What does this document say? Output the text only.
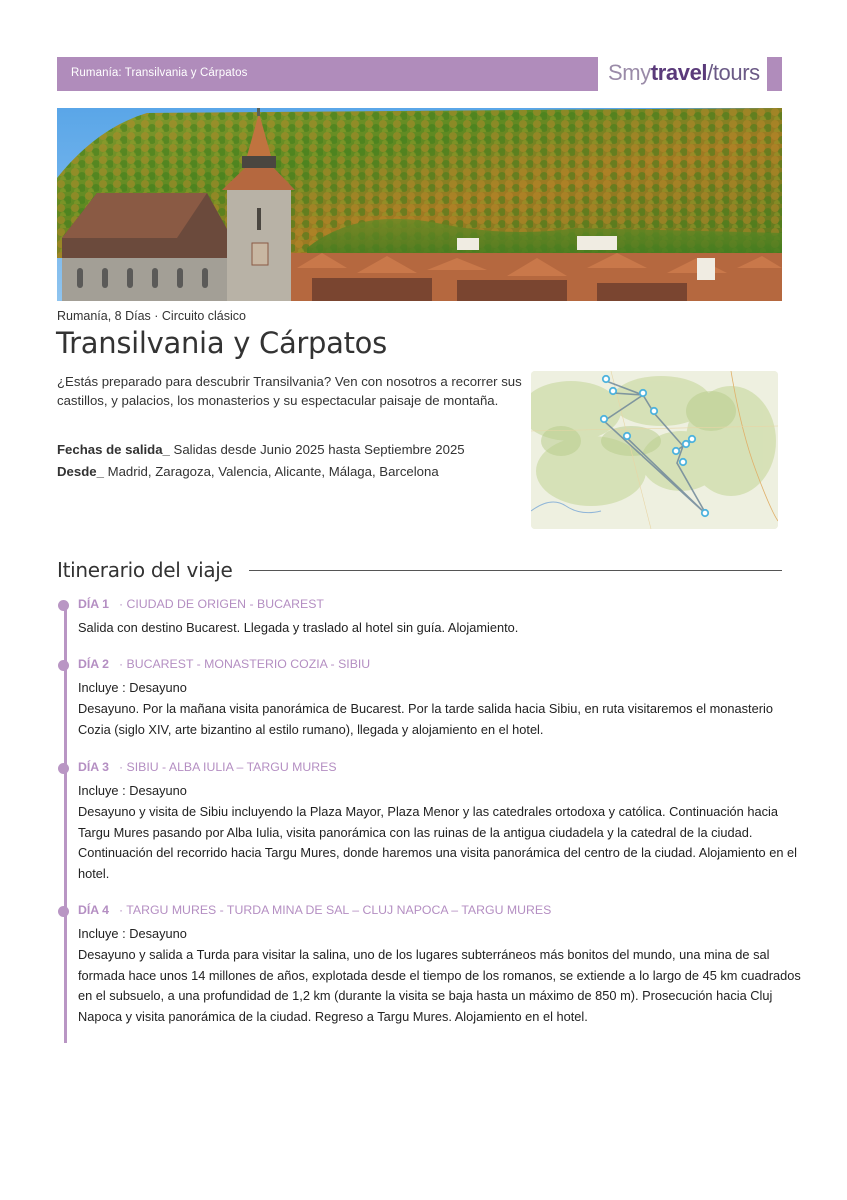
Rumanía: Transilvania y Cárpatos	Smytravel/tours
Rumanía, 8 Días · Circuito clásico
Transilvania y Cárpatos

¿Estás preparado para descubrir Transilvania? Ven con nosotros a recorrer sus castillos, y palacios, los monasterios y su espectacular paisaje de montaña.

Fechas de salida_ Salidas desde Junio 2025 hasta Septiembre 2025
Desde_ Madrid, Zaragoza, Valencia, Alicante, Málaga, Barcelona
Itinerario del viaje
DÍA 1 · CIUDAD DE ORIGEN - BUCAREST
Salida con destino Bucarest. Llegada y traslado al hotel sin guía. Alojamiento.
DÍA 2 · BUCAREST - MONASTERIO COZIA - SIBIU
Incluye : Desayuno
Desayuno. Por la mañana visita panorámica de Bucarest. Por la tarde salida hacia Sibiu, en ruta visitaremos el monasterio Cozia (siglo XIV, arte bizantino al estilo rumano), llegada y alojamiento en el hotel.
DÍA 3 · SIBIU - ALBA IULIA – TARGU MURES
Incluye : Desayuno
Desayuno y visita de Sibiu incluyendo la Plaza Mayor, Plaza Menor y las catedrales ortodoxa y católica. Continuación hacia Targu Mures pasando por Alba Iulia, visita panorámica con las ruinas de la antigua ciudadela y la catedral de la ciudad. Continuación del recorrido hacia Targu Mures, donde haremos una visita panorámica del centro de la ciudad. Alojamiento en el hotel.
DÍA 4 · TARGU MURES - TURDA MINA DE SAL – CLUJ NAPOCA – TARGU MURES
Incluye : Desayuno
Desayuno y salida a Turda para visitar la salina, uno de los lugares subterráneos más bonitos del mundo, una mina de sal formada hace unos 14 millones de años, explotada desde el tiempo de los romanos, se extiende a lo largo de 45 km cuadrados en el subsuelo, a una profundidad de 1,2 km (durante la visita se baja hasta un máximo de 850 m). Prosecución hacia Cluj Napoca y visita panorámica de la ciudad. Regreso a Targu Mures. Alojamiento en el hotel.
